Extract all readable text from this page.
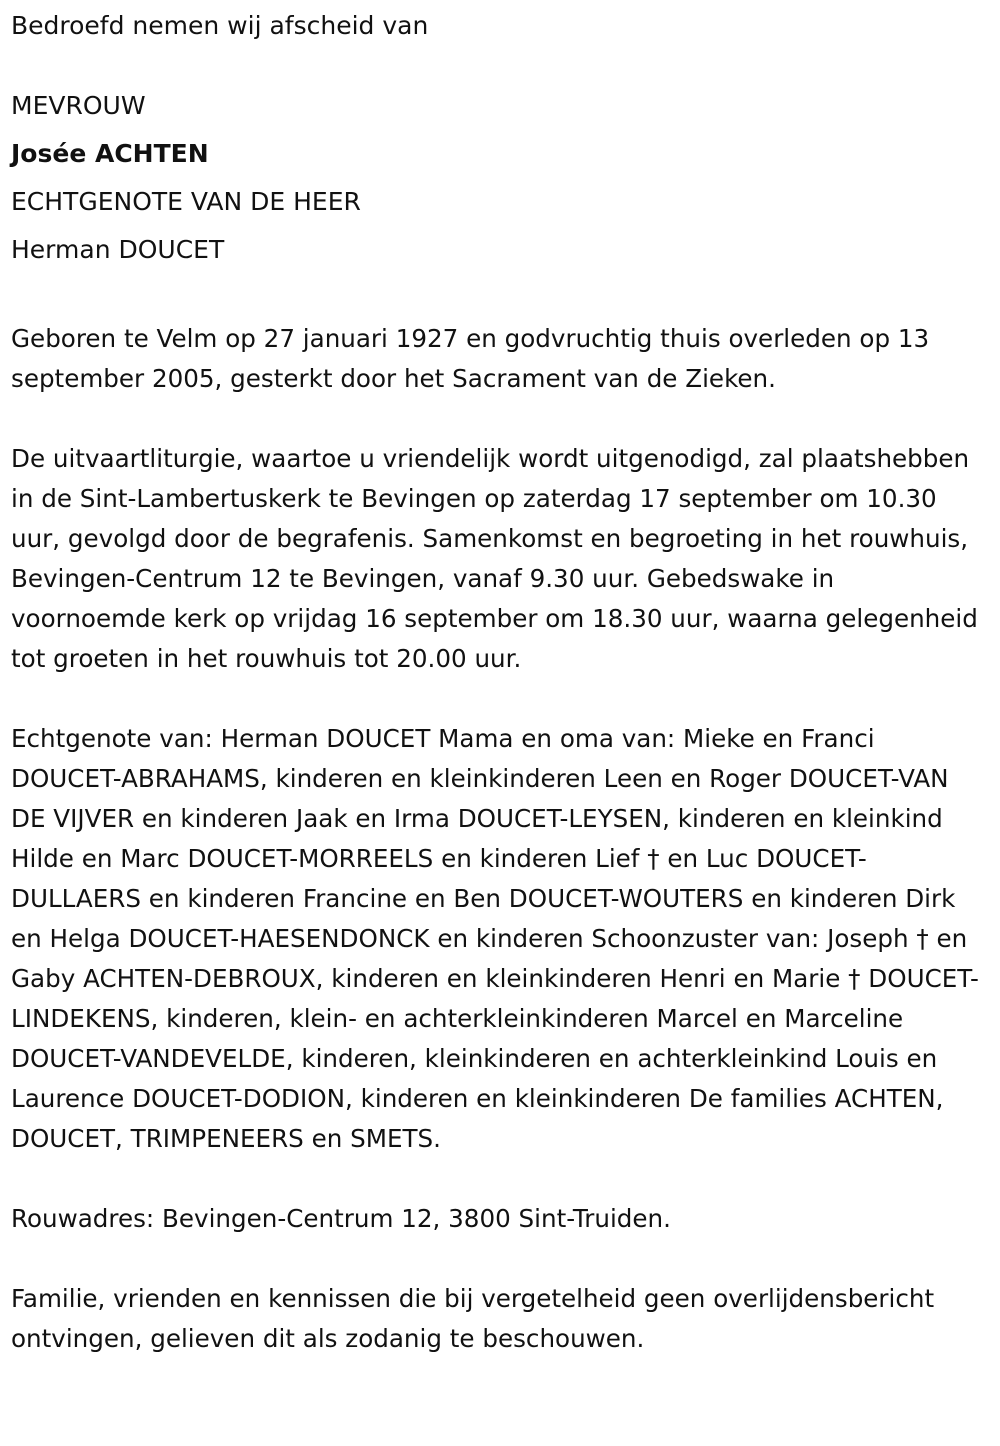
Bedroefd nemen wij afscheid van

MEVROUW

Josée ACHTEN

ECHTGENOTE VAN DE HEER

Herman DOUCET

Geboren te Velm op 27 januari 1927 en godvruchtig thuis overleden op 13 september 2005, gesterkt door het Sacrament van de Zieken.

De uitvaartliturgie, waartoe u vriendelijk wordt uitgenodigd, zal plaatshebben in de Sint-Lambertuskerk te Bevingen op zaterdag 17 september om 10.30 uur, gevolgd door de begrafenis. Samenkomst en begroeting in het rouwhuis, Bevingen-Centrum 12 te Bevingen, vanaf 9.30 uur. Gebedswake in voornoemde kerk op vrijdag 16 september om 18.30 uur, waarna gelegenheid tot groeten in het rouwhuis tot 20.00 uur.

Echtgenote van: Herman DOUCET Mama en oma van: Mieke en Franci DOUCET-ABRAHAMS, kinderen en kleinkinderen Leen en Roger DOUCET-VAN DE VIJVER en kinderen Jaak en Irma DOUCET-LEYSEN, kinderen en kleinkind Hilde en Marc DOUCET-MORREELS en kinderen Lief † en Luc DOUCET-DULLAERS en kinderen Francine en Ben DOUCET-WOUTERS en kinderen Dirk en Helga DOUCET-HAESENDONCK en kinderen Schoonzuster van: Joseph † en Gaby ACHTEN-DEBROUX, kinderen en kleinkinderen Henri en Marie † DOUCET-LINDEKENS, kinderen, klein- en achterkleinkinderen Marcel en Marceline DOUCET-VANDEVELDE, kinderen, kleinkinderen en achterkleinkind Louis en Laurence DOUCET-DODION, kinderen en kleinkinderen De families ACHTEN, DOUCET, TRIMPENEERS en SMETS.

Rouwadres: Bevingen-Centrum 12, 3800 Sint-Truiden.

Familie, vrienden en kennissen die bij vergetelheid geen overlijdensbericht ontvingen, gelieven dit als zodanig te beschouwen.
